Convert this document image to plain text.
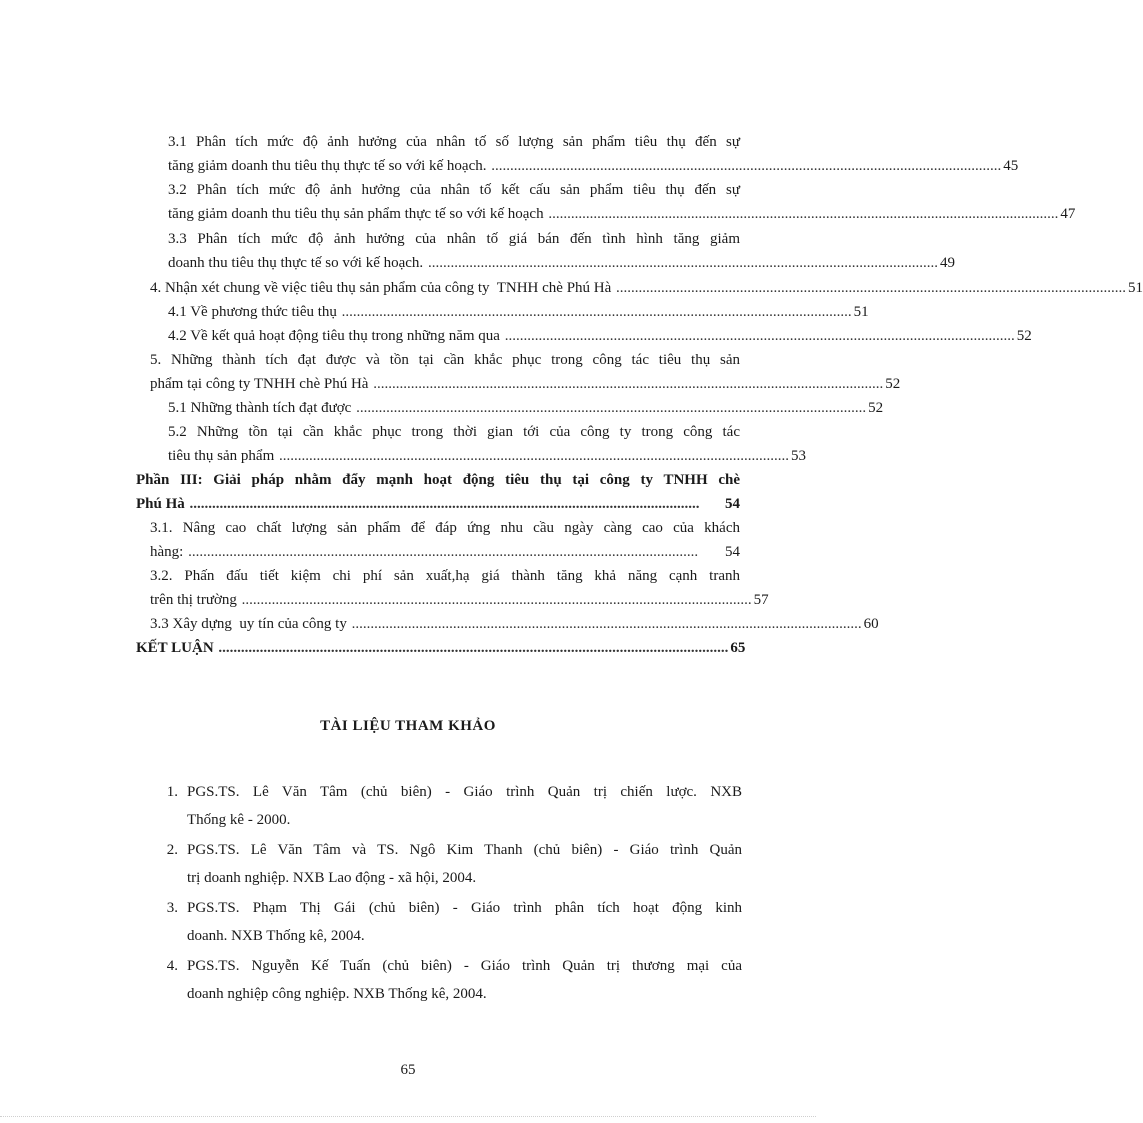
3.1 Phân tích mức độ ảnh hưởng của nhân tố số lượng sản phẩm tiêu thụ đến sự
tăng giảm doanh thu tiêu thụ thực tế so với kế hoạch. ........................................................................................................................................ 45
3.2 Phân tích mức độ ảnh hưởng của nhân tố kết cấu sản phẩm tiêu thụ đến sự
tăng giảm doanh thu tiêu thụ sản phẩm thực tế so với kế hoạch ........................................................................................................................................ 47
3.3 Phân tích mức độ ảnh hưởng của nhân tố giá bán đến tình hình tăng giảm
doanh thu tiêu thụ thực tế so với kế hoạch. ........................................................................................................................................ 49
4. Nhận xét chung về việc tiêu thụ sản phẩm của công ty  TNHH chè Phú Hà ........................................................................................................................................ 51
4.1 Về phương thức tiêu thụ ........................................................................................................................................ 51
4.2 Về kết quả hoạt động tiêu thụ trong những năm qua ........................................................................................................................................ 52
5. Những thành tích đạt được và tồn tại cần khắc phục trong công tác tiêu thụ sản
phẩm tại công ty TNHH chè Phú Hà ........................................................................................................................................ 52
5.1 Những thành tích đạt được ........................................................................................................................................ 52
5.2 Những tồn tại cần khắc phục trong thời gian tới của công ty trong công tác
tiêu thụ sản phẩm ........................................................................................................................................ 53
Phần III: Giải pháp nhằm đẩy mạnh hoạt động tiêu thụ tại công ty TNHH chè
Phú Hà ........................................................................................................................................	54
3.1. Nâng cao chất lượng sản phẩm để đáp ứng nhu cầu ngày càng cao của khách
hàng: ........................................................................................................................................	54
3.2. Phấn đấu tiết kiệm chi phí sản xuất,hạ giá thành tăng khả năng cạnh tranh
trên thị trường ........................................................................................................................................ 57
3.3 Xây dựng  uy tín của công ty ........................................................................................................................................ 60
KẾT LUẬN ........................................................................................................................................ 65
TÀI LIỆU THAM KHẢO
1. PGS.TS. Lê Văn Tâm (chủ biên) - Giáo trình Quản trị chiến lược. NXB
Thống kê - 2000.
2. PGS.TS. Lê Văn Tâm và TS. Ngô Kim Thanh (chủ biên) - Giáo trình Quản
trị doanh nghiệp. NXB Lao động - xã hội, 2004.
3. PGS.TS. Phạm Thị Gái (chủ biên) - Giáo trình phân tích hoạt động kinh
doanh. NXB Thống kê, 2004.
4. PGS.TS. Nguyễn Kế Tuấn (chủ biên) - Giáo trình Quản trị thương mại của
doanh nghiệp công nghiệp. NXB Thống kê, 2004.
65
